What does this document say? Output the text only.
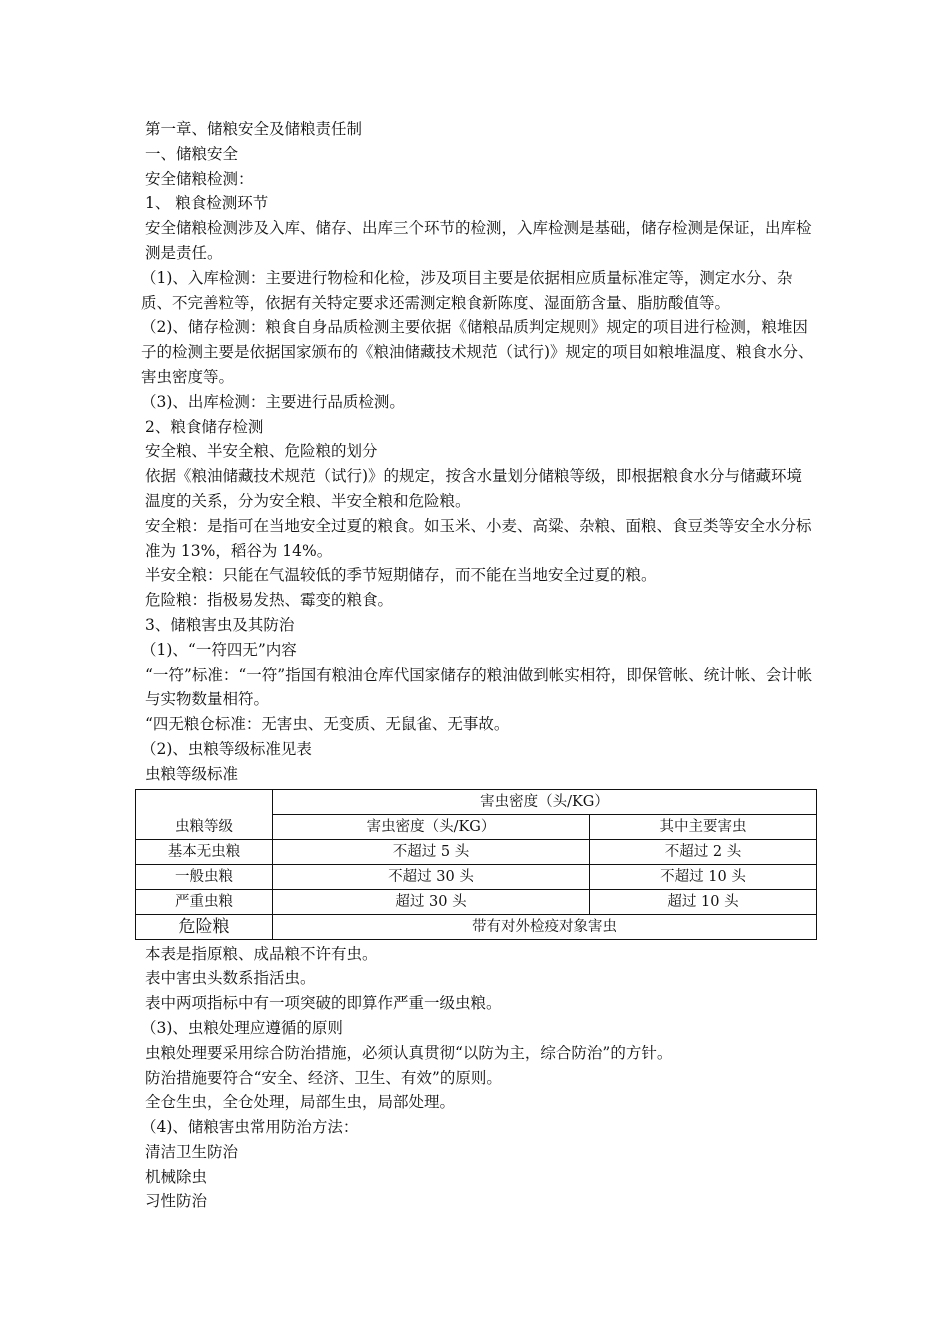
第一章、储粮安全及储粮责任制

一、储粮安全

安全储粮检测：

1、 粮食检测环节

安全储粮检测涉及入库、储存、出库三个环节的检测，入库检测是基础，储存检测是保证，出库检测是责任。

（1)、入库检测：主要进行物检和化检，涉及项目主要是依据相应质量标准定等，测定水分、杂质、不完善粒等，依据有关特定要求还需测定粮食新陈度、湿面筋含量、脂肪酸值等。

（2)、储存检测：粮食自身品质检测主要依据《储粮品质判定规则》规定的项目进行检测，粮堆因子的检测主要是依据国家颁布的《粮油储藏技术规范（试行)》规定的项目如粮堆温度、粮食水分、害虫密度等。

（3)、出库检测：主要进行品质检测。

2、粮食储存检测

安全粮、半安全粮、危险粮的划分

依据《粮油储藏技术规范（试行)》的规定，按含水量划分储粮等级，即根据粮食水分与储藏环境温度的关系，分为安全粮、半安全粮和危险粮。

安全粮：是指可在当地安全过夏的粮食。如玉米、小麦、高粱、杂粮、面粮、食豆类等安全水分标准为 13%，稻谷为 14%。

半安全粮：只能在气温较低的季节短期储存，而不能在当地安全过夏的粮。

危险粮：指极易发热、霉变的粮食。

3、储粮害虫及其防治

（1)、“一符四无”内容

“一符”标准：“一符”指国有粮油仓库代国家储存的粮油做到帐实相符，即保管帐、统计帐、会计帐与实物数量相符。

“四无粮仓标准：无害虫、无变质、无鼠雀、无事故。

（2)、虫粮等级标准见表

虫粮等级标准

虫粮等级	害虫密度（头/KG）	
	害虫密度（头/KG）	其中主要害虫
基本无虫粮	不超过 5 头	不超过 2 头
一般虫粮	不超过 30 头	不超过 10 头
严重虫粮	超过 30 头	超过 10 头
危险粮	带有对外检疫对象害虫	

本表是指原粮、成品粮不许有虫。

表中害虫头数系指活虫。

表中两项指标中有一项突破的即算作严重一级虫粮。

（3)、虫粮处理应遵循的原则

虫粮处理要采用综合防治措施，必须认真贯彻“以防为主，综合防治”的方针。

防治措施要符合“安全、经济、卫生、有效”的原则。

全仓生虫，全仓处理，局部生虫，局部处理。

（4)、储粮害虫常用防治方法：

清洁卫生防治

机械除虫

习性防治
